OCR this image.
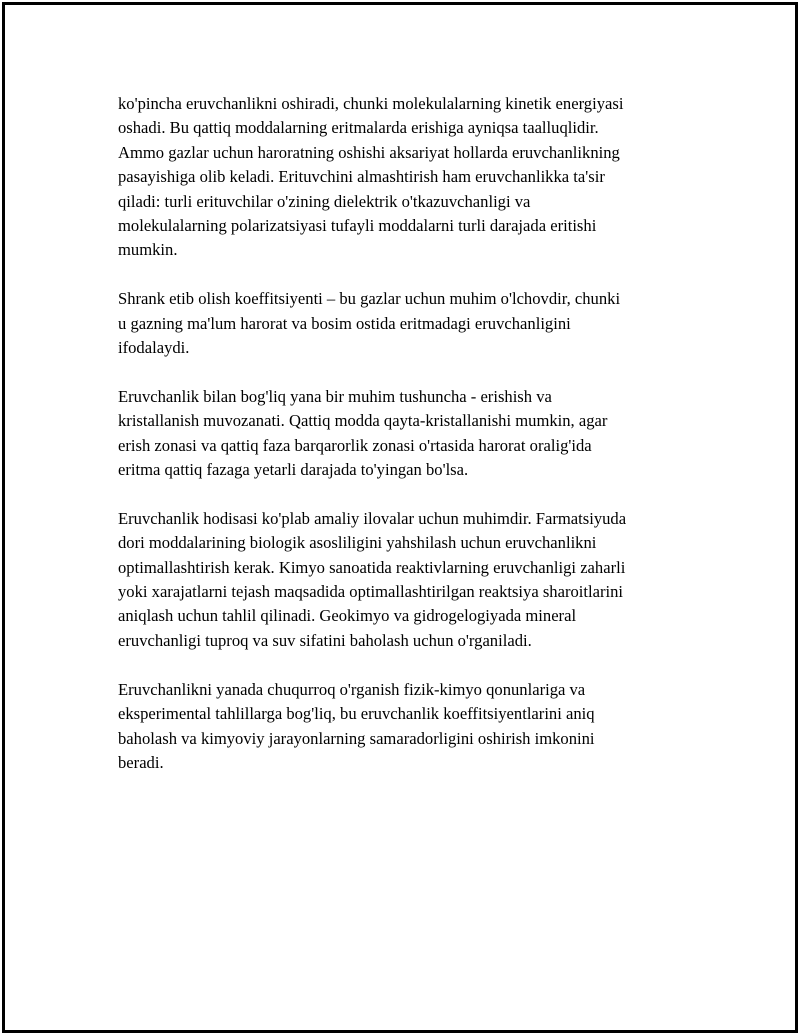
ko'pincha eruvchanlikni oshiradi, chunki molekulalarning kinetik energiyasi
oshadi. Bu qattiq moddalarning eritmalarda erishiga ayniqsa taalluqlidir.
Ammo gazlar uchun haroratning oshishi aksariyat hollarda eruvchanlikning
pasayishiga olib keladi. Erituvchini almashtirish ham eruvchanlikka ta'sir
qiladi: turli erituvchilar o'zining dielektrik o'tkazuvchanligi va
molekulalarning polarizatsiyasi tufayli moddalarni turli darajada eritishi
mumkin.

Shrank etib olish koeffitsiyenti – bu gazlar uchun muhim o'lchovdir, chunki
u gazning ma'lum harorat va bosim ostida eritmadagi eruvchanligini
ifodalaydi.

Eruvchanlik bilan bog'liq yana bir muhim tushuncha - erishish va
kristallanish muvozanati. Qattiq modda qayta-kristallanishi mumkin, agar
erish zonasi va qattiq faza barqarorlik zonasi o'rtasida harorat oralig'ida
eritma qattiq fazaga yetarli darajada to'yingan bo'lsa.

Eruvchanlik hodisasi ko'plab amaliy ilovalar uchun muhimdir. Farmatsiyuda
dori moddalarining biologik asosliligini yahshilash uchun eruvchanlikni
optimallashtirish kerak. Kimyo sanoatida reaktivlarning eruvchanligi zaharli
yoki xarajatlarni tejash maqsadida optimallashtirilgan reaktsiya sharoitlarini
aniqlash uchun tahlil qilinadi. Geokimyo va gidrogelogiyada mineral
eruvchanligi tuproq va suv sifatini baholash uchun o'rganiladi.

Eruvchanlikni yanada chuqurroq o'rganish fizik-kimyo qonunlariga va
eksperimental tahlillarga bog'liq, bu eruvchanlik koeffitsiyentlarini aniq
baholash va kimyoviy jarayonlarning samaradorligini oshirish imkonini
beradi.
